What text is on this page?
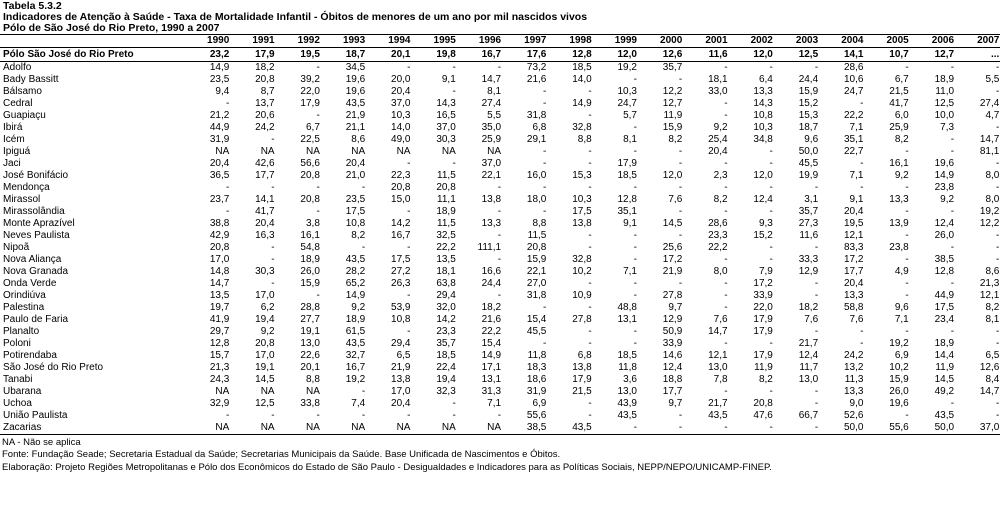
Tabela 5.3.2
Indicadores de Atenção à Saúde - Taxa de Mortalidade Infantil - Óbitos de menores de um ano por mil nascidos vivos
Pólo de São José do Rio Preto, 1990 a 2007
	1990	1991	1992	1993	1994	1995	1996	1997	1998	1999	2000	2001	2002	2003	2004	2005	2006	2007
Pólo São José do Rio Preto	23,2	17,9	19,5	18,7	20,1	19,8	16,7	17,6	12,8	12,0	12,6	11,6	12,0	12,5	14,1	10,7	12,7	...
Adolfo	14,9	18,2	-	34,5	-	-	-	73,2	18,5	19,2	35,7	-	-	-	28,6	-	-	-
Bady Bassitt	23,5	20,8	39,2	19,6	20,0	9,1	14,7	21,6	14,0	-	-	18,1	6,4	24,4	10,6	6,7	18,9	5,5
Bálsamo	9,4	8,7	22,0	19,6	20,4	-	8,1	-	-	10,3	12,2	33,0	13,3	15,9	24,7	21,5	11,0	-
Cedral	-	13,7	17,9	43,5	37,0	14,3	27,4	-	14,9	24,7	12,7	-	14,3	15,2	-	41,7	12,5	27,4
Guapiaçu	21,2	20,6	-	21,9	10,3	16,5	5,5	31,8	-	5,7	11,9	-	10,8	15,3	22,2	6,0	10,0	4,7
Ibirá	44,9	24,2	6,7	21,1	14,0	37,0	35,0	6,8	32,8	-	15,9	9,2	10,3	18,7	7,1	25,9	7,3	-
Icém	31,9	-	22,5	8,6	49,0	30,3	25,9	29,1	8,8	8,1	8,2	25,4	34,8	9,6	35,1	8,2	-	14,7
Ipiguá	NA	NA	NA	NA	NA	NA	NA	-	-	-	-	20,4	-	50,0	22,7	-	-	81,1
Jaci	20,4	42,6	56,6	20,4	-	-	37,0	-	-	17,9	-	-	-	45,5	-	16,1	19,6	-
José Bonifácio	36,5	17,7	20,8	21,0	22,3	11,5	22,1	16,0	15,3	18,5	12,0	2,3	12,0	19,9	7,1	9,2	14,9	8,0
Mendonça	-	-	-	-	20,8	20,8	-	-	-	-	-	-	-	-	-	-	23,8	-
Mirassol	23,7	14,1	20,8	23,5	15,0	11,1	13,8	18,0	10,3	12,8	7,6	8,2	12,4	3,1	9,1	13,3	9,2	8,0
Mirassolândia	-	41,7	-	17,5	-	18,9	-	-	17,5	35,1	-	-	-	35,7	20,4	-	-	19,2
Monte Aprazível	38,8	20,4	3,8	10,8	14,2	11,5	13,3	8,8	13,8	9,1	14,5	28,6	9,3	27,3	19,5	13,9	12,4	12,2
Neves Paulista	42,9	16,3	16,1	8,2	16,7	32,5	-	11,5	-	-	-	23,3	15,2	11,6	12,1	-	26,0	-
Nipoã	20,8	-	54,8	-	-	22,2	111,1	20,8	-	-	25,6	22,2	-	-	83,3	23,8	-	-
Nova Aliança	17,0	-	18,9	43,5	17,5	13,5	-	15,9	32,8	-	17,2	-	-	33,3	17,2	-	38,5	-
Nova Granada	14,8	30,3	26,0	28,2	27,2	18,1	16,6	22,1	10,2	7,1	21,9	8,0	7,9	12,9	17,7	4,9	12,8	8,6
Onda Verde	14,7	-	15,9	65,2	26,3	63,8	24,4	27,0	-	-	-	-	17,2	-	20,4	-	-	21,3
Orindiúva	13,5	17,0	-	14,9	-	29,4	-	31,8	10,9	-	27,8	-	33,9	-	13,3	-	44,9	12,1
Palestina	19,7	6,2	28,8	9,2	53,9	32,0	18,2	-	-	48,8	9,7	-	22,0	18,2	58,8	9,6	17,5	8,2
Paulo de Faria	41,9	19,4	27,7	18,9	10,8	14,2	21,6	15,4	27,8	13,1	12,9	7,6	17,9	7,6	7,6	7,1	23,4	8,1
Planalto	29,7	9,2	19,1	61,5	-	23,3	22,2	45,5	-	-	50,9	14,7	17,9	-	-	-	-	-
Poloni	12,8	20,8	13,0	43,5	29,4	35,7	15,4	-	-	-	33,9	-	-	21,7	-	19,2	18,9	-
Potirendaba	15,7	17,0	22,6	32,7	6,5	18,5	14,9	11,8	6,8	18,5	14,6	12,1	17,9	12,4	24,2	6,9	14,4	6,5
São José do Rio Preto	21,3	19,1	20,1	16,7	21,9	22,4	17,1	18,3	13,8	11,8	12,4	13,0	11,9	11,7	13,2	10,2	11,9	12,6
Tanabi	24,3	14,5	8,8	19,2	13,8	19,4	13,1	18,6	17,9	3,6	18,8	7,8	8,2	13,0	11,3	15,9	14,5	8,4
Ubarana	NA	NA	NA	-	17,0	32,3	31,3	31,9	21,5	13,0	17,7	-	-	-	13,3	26,0	49,2	14,7
Uchoa	32,9	12,5	33,8	7,4	20,4	-	7,1	6,9	-	43,9	9,7	21,7	20,8	-	9,0	19,6	-	-
União Paulista	-	-	-	-	-	-	-	55,6	-	43,5	-	43,5	47,6	66,7	52,6	-	43,5	-
Zacarias	NA	NA	NA	NA	NA	NA	NA	38,5	43,5	-	-	-	-	-	50,0	55,6	50,0	37,0
NA - Não se aplica
Fonte: Fundação Seade; Secretaria Estadual da Saúde; Secretarias Municipais da Saúde. Base Unificada de Nascimentos e Óbitos.
Elaboração: Projeto Regiões Metropolitanas e Pólo dos Econômicos do Estado de São Paulo - Desigualdades e Indicadores para as Políticas Sociais, NEPP/NEPO/UNICAMP-FINEP.
